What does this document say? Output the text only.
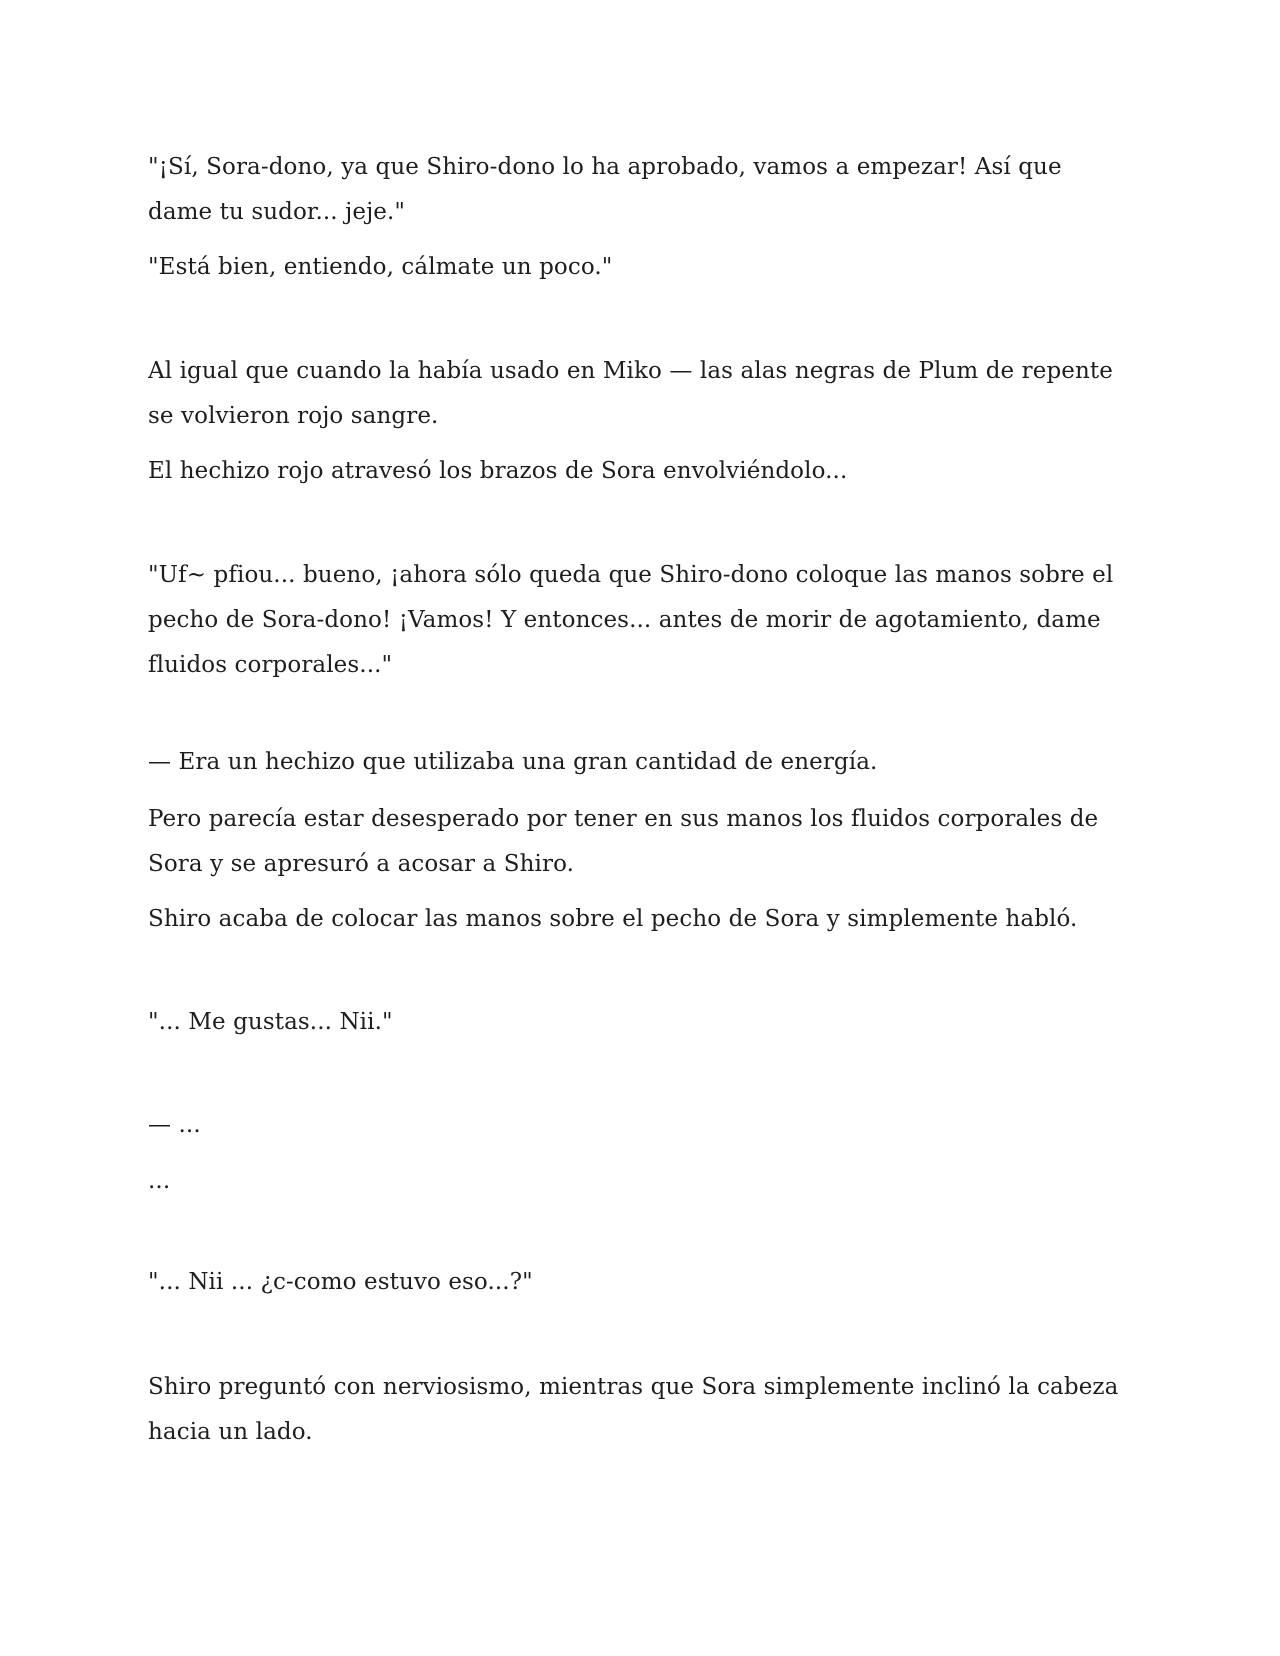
"¡Sí, Sora-dono, ya que Shiro-dono lo ha aprobado, vamos a empezar! Así que dame tu sudor... jeje."

"Está bien, entiendo, cálmate un poco."

Al igual que cuando la había usado en Miko — las alas negras de Plum de repente se volvieron rojo sangre.

El hechizo rojo atravesó los brazos de Sora envolviéndolo...

"Uf~ pfiou... bueno, ¡ahora sólo queda que Shiro-dono coloque las manos sobre el pecho de Sora-dono! ¡Vamos! Y entonces... antes de morir de agotamiento, dame fluidos corporales..."

— Era un hechizo que utilizaba una gran cantidad de energía.

Pero parecía estar desesperado por tener en sus manos los fluidos corporales de Sora y se apresuró a acosar a Shiro.

Shiro acaba de colocar las manos sobre el pecho de Sora y simplemente habló.

"... Me gustas... Nii."

— ...

...

"... Nii ... ¿c-como estuvo eso...?"

Shiro preguntó con nerviosismo, mientras que Sora simplemente inclinó la cabeza hacia un lado.
